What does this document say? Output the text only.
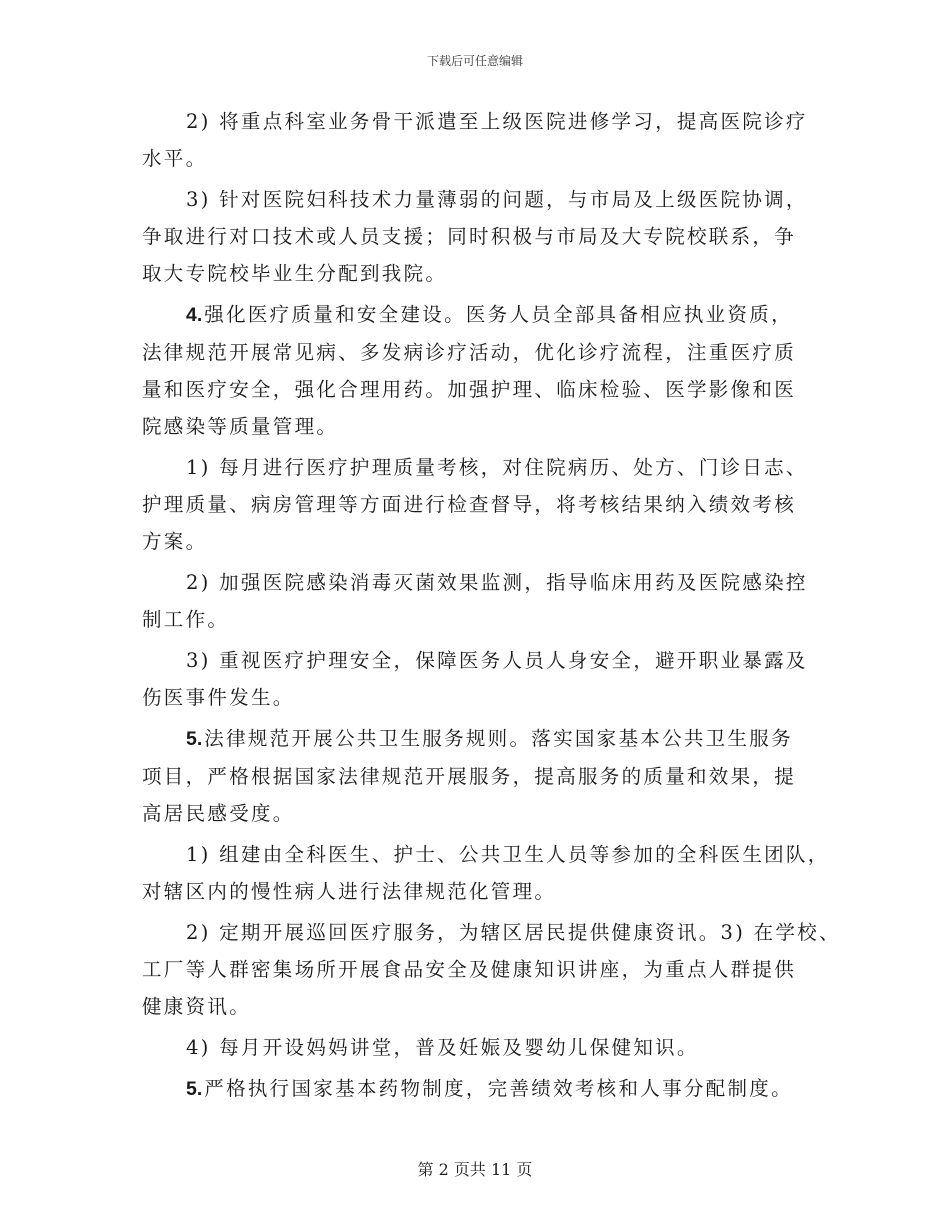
下载后可任意编辑
2) 将重点科室业务骨干派遣至上级医院进修学习，提高医院诊疗
水平。
3) 针对医院妇科技术力量薄弱的问题，与市局及上级医院协调，
争取进行对口技术或人员支援；同时积极与市局及大专院校联系，争
取大专院校毕业生分配到我院。
4. 强化医疗质量和安全建设。医务人员全部具备相应执业资质，
法律规范开展常见病、多发病诊疗活动，优化诊疗流程，注重医疗质
量和医疗安全，强化合理用药。加强护理、临床检验、医学影像和医
院感染等质量管理。
1) 每月进行医疗护理质量考核，对住院病历、处方、门诊日志、
护理质量、病房管理等方面进行检查督导，将考核结果纳入绩效考核
方案。
2) 加强医院感染消毒灭菌效果监测，指导临床用药及医院感染控
制工作。
3) 重视医疗护理安全，保障医务人员人身安全，避开职业暴露及
伤医事件发生。
5. 法律规范开展公共卫生服务规则。落实国家基本公共卫生服务
项目，严格根据国家法律规范开展服务，提高服务的质量和效果，提
高居民感受度。
1) 组建由全科医生、护士、公共卫生人员等参加的全科医生团队，
对辖区内的慢性病人进行法律规范化管理。
2) 定期开展巡回医疗服务，为辖区居民提供健康资讯。3) 在学校、
工厂等人群密集场所开展食品安全及健康知识讲座，为重点人群提供
健康资讯。
4) 每月开设妈妈讲堂，普及妊娠及婴幼儿保健知识。
5. 严格执行国家基本药物制度，完善绩效考核和人事分配制度。
第 2 页共 11 页
